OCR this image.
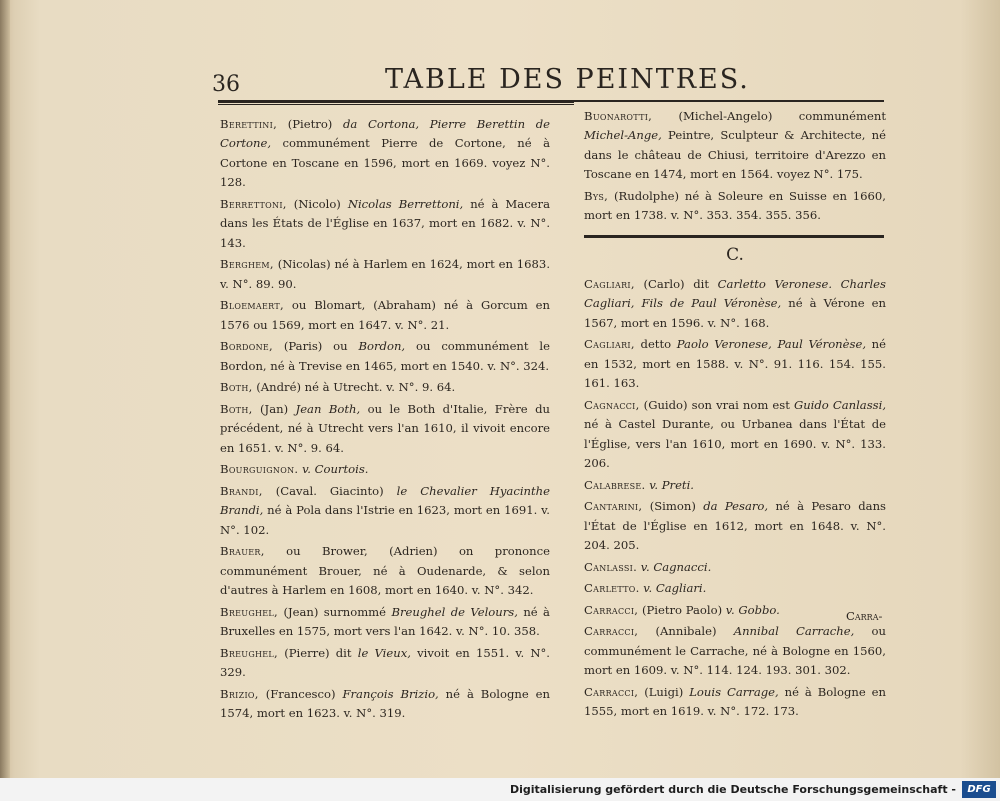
36	TABLE DES PEINTRES.
Berettini, (Pietro) da Cortona, Pierre Berettin de Cortone, communément Pierre de Cortone, né à Cortone en Toscane en 1596, mort en 1669. voyez N°. 128.
Berrettoni, (Nicolo) Nicolas Berrettoni, né à Macera dans les États de l'Église en 1637, mort en 1682. v. N°. 143.
Berghem, (Nicolas) né à Harlem en 1624, mort en 1683. v. N°. 89. 90.
Bloemaert, ou Blomart, (Abraham) né à Gorcum en 1576 ou 1569, mort en 1647. v. N°. 21.
Bordone, (Paris) ou Bordon, ou communément le Bordon, né à Trevise en 1465, mort en 1540. v. N°. 324.
Both, (André) né à Utrecht. v. N°. 9. 64.
Both, (Jan) Jean Both, ou le Both d'Italie, Frère du précédent, né à Utrecht vers l'an 1610, il vivoit encore en 1651. v. N°. 9. 64.
Bourguignon. v. Courtois.
Brandi, (Caval. Giacinto) le Chevalier Hyacinthe Brandi, né à Pola dans l'Istrie en 1623, mort en 1691. v. N°. 102.
Brauer, ou Brower, (Adrien) on prononce communément Brouer, né à Oudenarde, & selon d'autres à Harlem en 1608, mort en 1640. v. N°. 342.
Breughel, (Jean) surnommé Breughel de Velours, né à Bruxelles en 1575, mort vers l'an 1642. v. N°. 10. 358.
Breughel, (Pierre) dit le Vieux, vivoit en 1551. v. N°. 329.
Brizio, (Francesco) François Brizio, né à Bologne en 1574, mort en 1623. v. N°. 319.
Buonarotti, (Michel-Angelo) communément Michel-Ange, Peintre, Sculpteur & Architecte, né dans le château de Chiusi, territoire d'Arezzo en Toscane en 1474, mort en 1564. voyez N°. 175.
Bys, (Rudolphe) né à Soleure en Suisse en 1660, mort en 1738. v. N°. 353. 354. 355. 356.
C.
Cagliari, (Carlo) dit Carletto Veronese. Charles Cagliari, Fils de Paul Véronèse, né à Vérone en 1567, mort en 1596. v. N°. 168.
Cagliari, detto Paolo Veronese, Paul Véronèse, né en 1532, mort en 1588. v. N°. 91. 116. 154. 155. 161. 163.
Cagnacci, (Guido) son vrai nom est Guido Canlassi, né à Castel Durante, ou Urbanea dans l'État de l'Église, vers l'an 1610, mort en 1690. v. N°. 133. 206.
Calabrese. v. Preti.
Cantarini, (Simon) da Pesaro, né à Pesaro dans l'État de l'Église en 1612, mort en 1648. v. N°. 204. 205.
Canlassi. v. Cagnacci.
Carletto. v. Cagliari.
Carracci, (Pietro Paolo) v. Gobbo.
Carracci, (Annibale) Annibal Carrache, ou communément le Carrache, né à Bologne en 1560, mort en 1609. v. N°. 114. 124. 193. 301. 302.
Carracci, (Luigi) Louis Carrage, né à Bologne en 1555, mort en 1619. v. N°. 172. 173.
Carra-
Digitalisierung gefördert durch die Deutsche Forschungsgemeinschaft -	DFG
